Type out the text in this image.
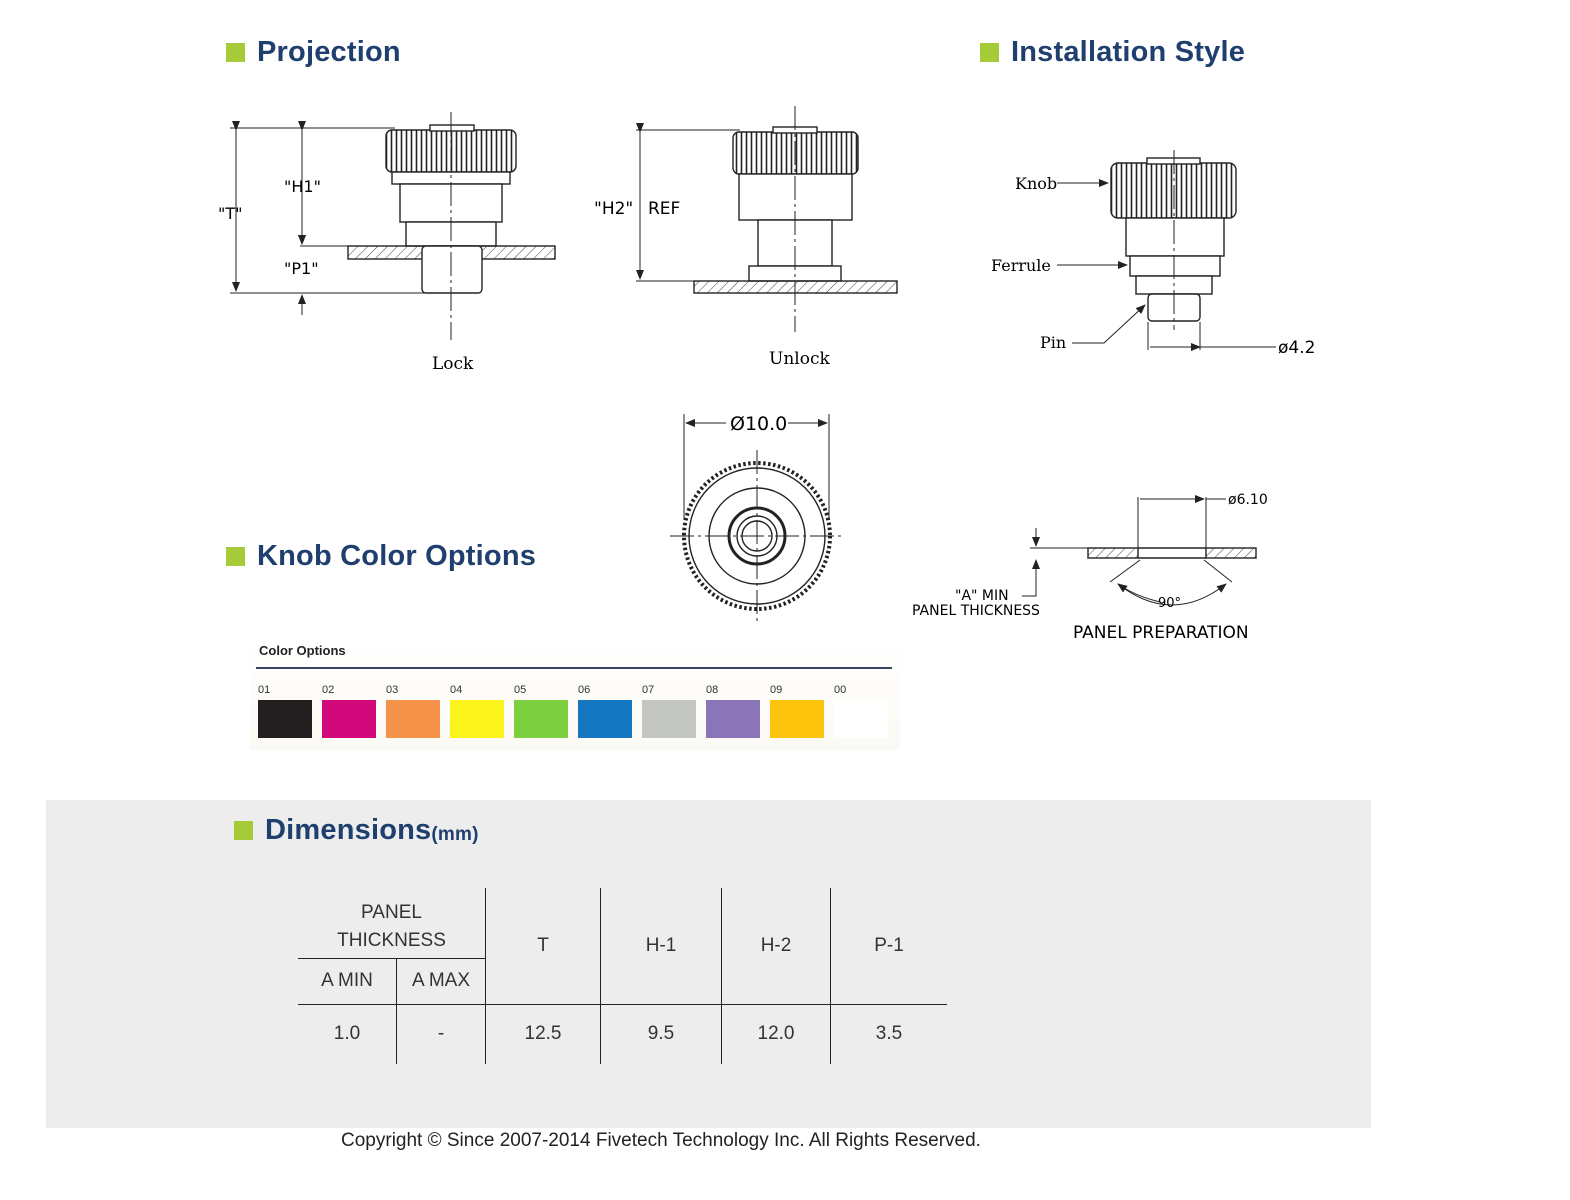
Projection	Installation Style
Knob Color Options
"T"
"H1"
"P1"
Lock
"H2" REF
Unlock
Ø10.0
Knob
Ferrule
Pin	ø4.2
ø6.10
"A" MIN
PANEL THICKNESS	90°
PANEL PREPARATION
Color Options
01	02	03	04	05	06	07	08	09	00
Dimensions (mm)
PANEL		T	H-1	H-2	P-1
THICKNESS					
A MIN	A MAX				
1.0	-	12.5	9.5	12.0	3.5
Copyright © Since 2007-2014 Fivetech Technology Inc. All Rights Reserved.
